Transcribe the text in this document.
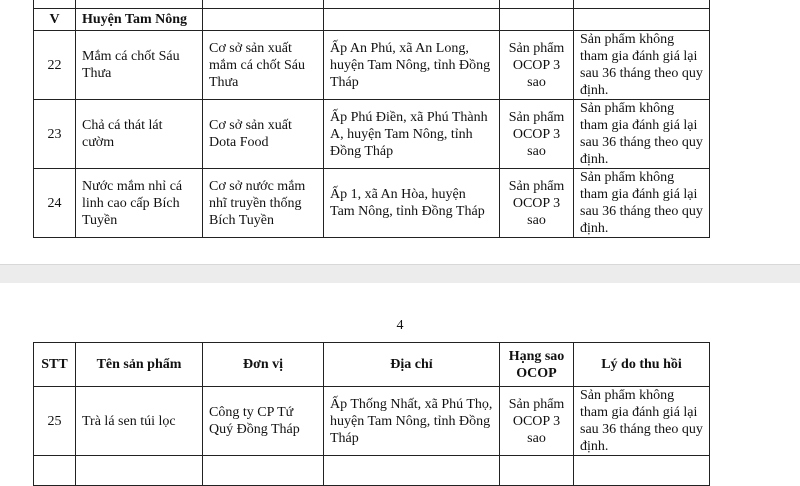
V	Huyện Tam Nông				
22	Mắm cá chốt Sáu Thưa	Cơ sở sản xuất mắm cá chốt Sáu Thưa	Ấp An Phú, xã An Long, huyện Tam Nông, tỉnh Đồng Tháp	Sản phẩm OCOP 3 sao	Sản phẩm không tham gia đánh giá lại sau 36 tháng theo quy định.
23	Chả cá thát lát cườm	Cơ sở sản xuất Dota Food	Ấp Phú Điền, xã Phú Thành A, huyện Tam Nông, tỉnh Đồng Tháp	Sản phẩm OCOP 3 sao	Sản phẩm không tham gia đánh giá lại sau 36 tháng theo quy định.
24	Nước mắm nhỉ cá linh cao cấp Bích Tuyền	Cơ sở nước mắm nhĩ truyền thống Bích Tuyền	Ấp 1, xã An Hòa, huyện Tam Nông, tỉnh Đồng Tháp	Sản phẩm OCOP 3 sao	Sản phẩm không tham gia đánh giá lại sau 36 tháng theo quy định.
4
STT	Tên sản phẩm	Đơn vị	Địa chỉ	Hạng sao OCOP	Lý do thu hồi
25	Trà lá sen túi lọc	Công ty CP Tứ Quý Đồng Tháp	Ấp Thống Nhất, xã Phú Thọ, huyện Tam Nông, tỉnh Đồng Tháp	Sản phẩm OCOP 3 sao	Sản phẩm không tham gia đánh giá lại sau 36 tháng theo quy định.
